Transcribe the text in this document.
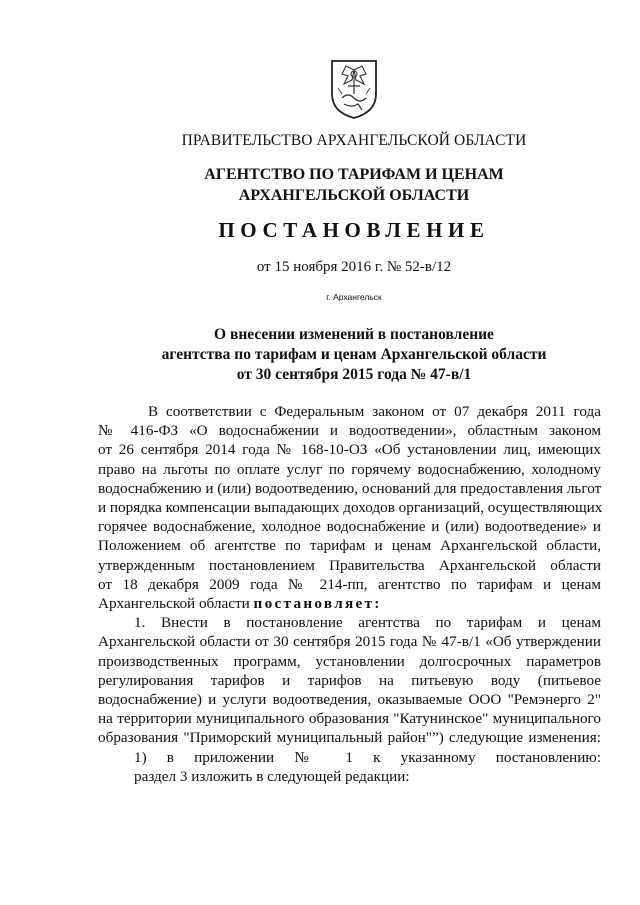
ПРАВИТЕЛЬСТВО АРХАНГЕЛЬСКОЙ ОБЛАСТИ
АГЕНТСТВО ПО ТАРИФАМ И ЦЕНАМ
АРХАНГЕЛЬСКОЙ ОБЛАСТИ
ПОСТАНОВЛЕНИЕ
от 15 ноября 2016 г. № 52-в/12
г. Архангельск
О внесении изменений в постановление
агентства по тарифам и ценам Архангельской области
от 30 сентября 2015 года № 47-в/1
В соответствии с Федеральным законом от 07 декабря 2011 года
№ 416-ФЗ «О водоснабжении и водоотведении», областным законом
от 26 сентября 2014 года № 168-10-ОЗ «Об установлении лиц, имеющих
право на льготы по оплате услуг по горячему водоснабжению, холодному
водоснабжению и (или) водоотведению, оснований для предоставления льгот
и порядка компенсации выпадающих доходов организаций, осуществляющих
горячее водоснабжение, холодное водоснабжение и (или) водоотведение» и
Положением об агентстве по тарифам и ценам Архангельской области,
утвержденным постановлением Правительства Архангельской области
от 18 декабря 2009 года № 214-пп, агентство по тарифам и ценам
Архангельской области постановляет:
1. Внести в постановление агентства по тарифам и ценам
Архангельской области от 30 сентября 2015 года № 47-в/1 «Об утверждении
производственных программ, установлении долгосрочных параметров
регулирования тарифов и тарифов на питьевую воду (питьевое
водоснабжение) и услуги водоотведения, оказываемые ООО "Ремэнерго 2"
на территории муниципального образования "Катунинское" муниципального
образования "Приморский муниципальный район"”) следующие изменения:
1) в приложении № 1 к указанному постановлению:
раздел 3 изложить в следующей редакции:
